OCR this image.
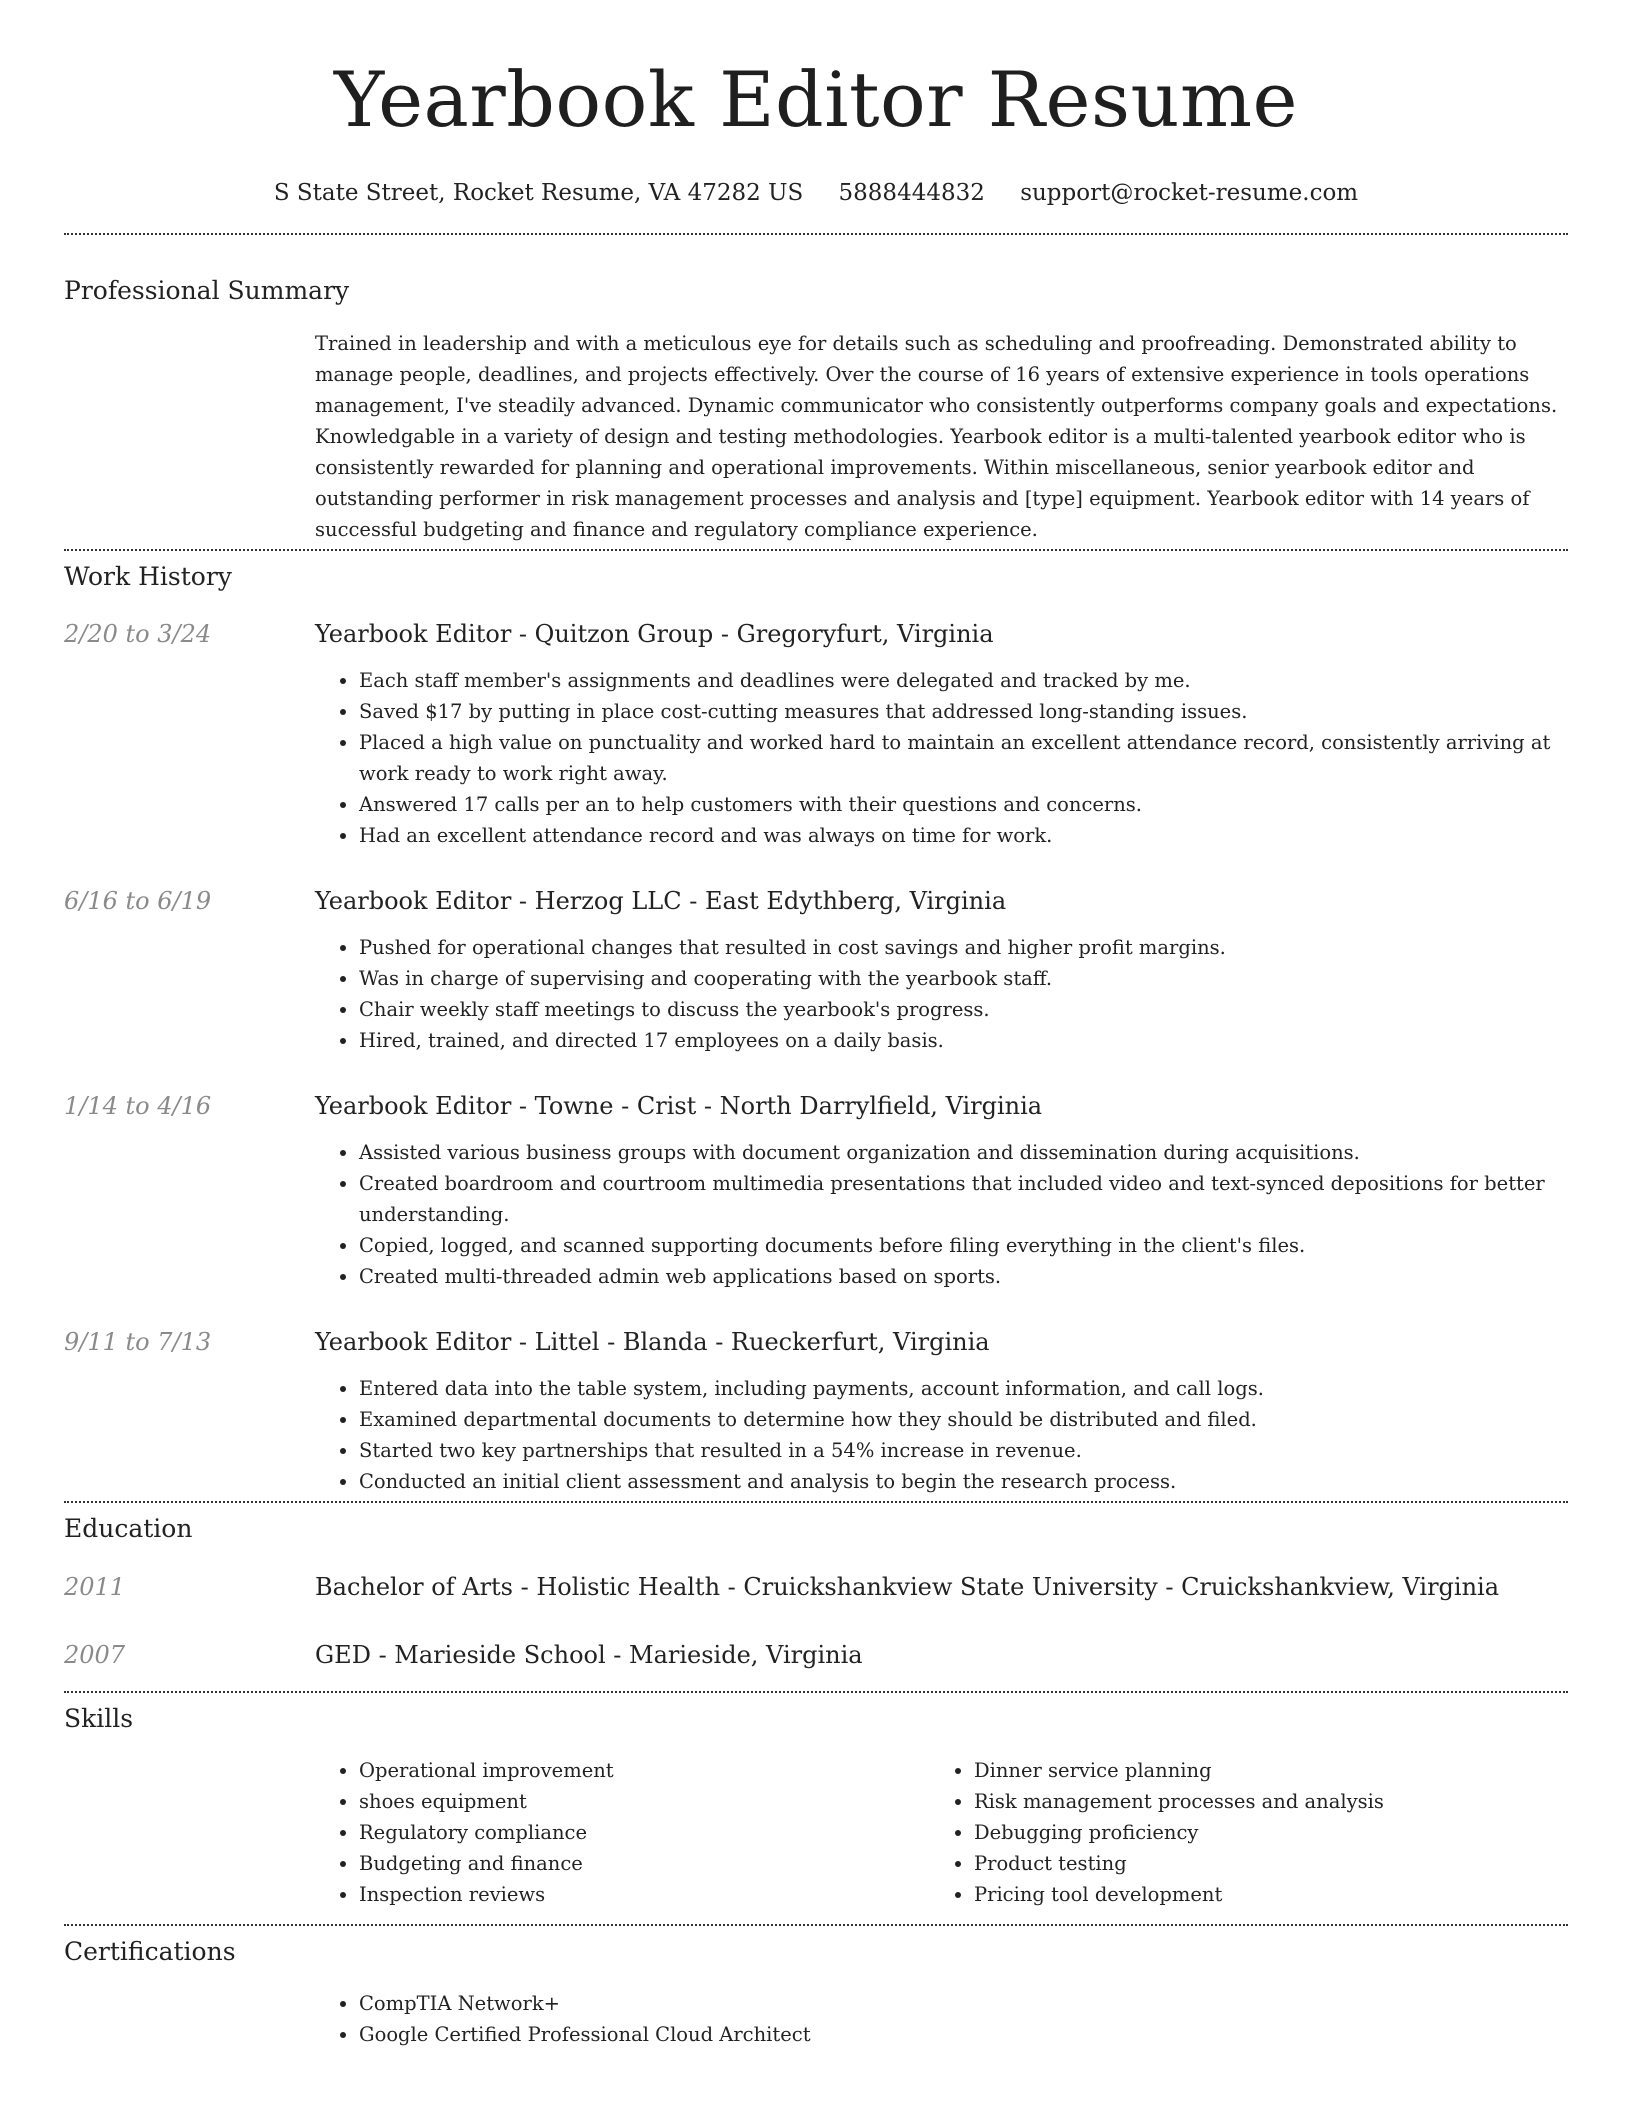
Yearbook Editor Resume
S State Street, Rocket Resume, VA 47282 US 5888444832 support@rocket-resume.com
Professional Summary
Trained in leadership and with a meticulous eye for details such as scheduling and proofreading. Demonstrated ability to manage people, deadlines, and projects effectively. Over the course of 16 years of extensive experience in tools operations management, I've steadily advanced. Dynamic communicator who consistently outperforms company goals and expectations. Knowledgable in a variety of design and testing methodologies. Yearbook editor is a multi-talented yearbook editor who is consistently rewarded for planning and operational improvements. Within miscellaneous, senior yearbook editor and outstanding performer in risk management processes and analysis and [type] equipment. Yearbook editor with 14 years of successful budgeting and finance and regulatory compliance experience.
Work History
2/20 to 3/24	Yearbook Editor - Quitzon Group - Gregoryfurt, Virginia
• Each staff member's assignments and deadlines were delegated and tracked by me.
• Saved $17 by putting in place cost-cutting measures that addressed long-standing issues.
• Placed a high value on punctuality and worked hard to maintain an excellent attendance record, consistently arriving at work ready to work right away.
• Answered 17 calls per an to help customers with their questions and concerns.
• Had an excellent attendance record and was always on time for work.
6/16 to 6/19	Yearbook Editor - Herzog LLC - East Edythberg, Virginia
• Pushed for operational changes that resulted in cost savings and higher profit margins.
• Was in charge of supervising and cooperating with the yearbook staff.
• Chair weekly staff meetings to discuss the yearbook's progress.
• Hired, trained, and directed 17 employees on a daily basis.
1/14 to 4/16	Yearbook Editor - Towne - Crist - North Darrylfield, Virginia
• Assisted various business groups with document organization and dissemination during acquisitions.
• Created boardroom and courtroom multimedia presentations that included video and text-synced depositions for better understanding.
• Copied, logged, and scanned supporting documents before filing everything in the client's files.
• Created multi-threaded admin web applications based on sports.
9/11 to 7/13	Yearbook Editor - Littel - Blanda - Rueckerfurt, Virginia
• Entered data into the table system, including payments, account information, and call logs.
• Examined departmental documents to determine how they should be distributed and filed.
• Started two key partnerships that resulted in a 54% increase in revenue.
• Conducted an initial client assessment and analysis to begin the research process.
Education
2011	Bachelor of Arts - Holistic Health - Cruickshankview State University - Cruickshankview, Virginia
2007	GED - Marieside School - Marieside, Virginia
Skills
• Operational improvement
• shoes equipment
• Regulatory compliance
• Budgeting and finance
• Inspection reviews
• Dinner service planning
• Risk management processes and analysis
• Debugging proficiency
• Product testing
• Pricing tool development
Certifications
• CompTIA Network+
• Google Certified Professional Cloud Architect
